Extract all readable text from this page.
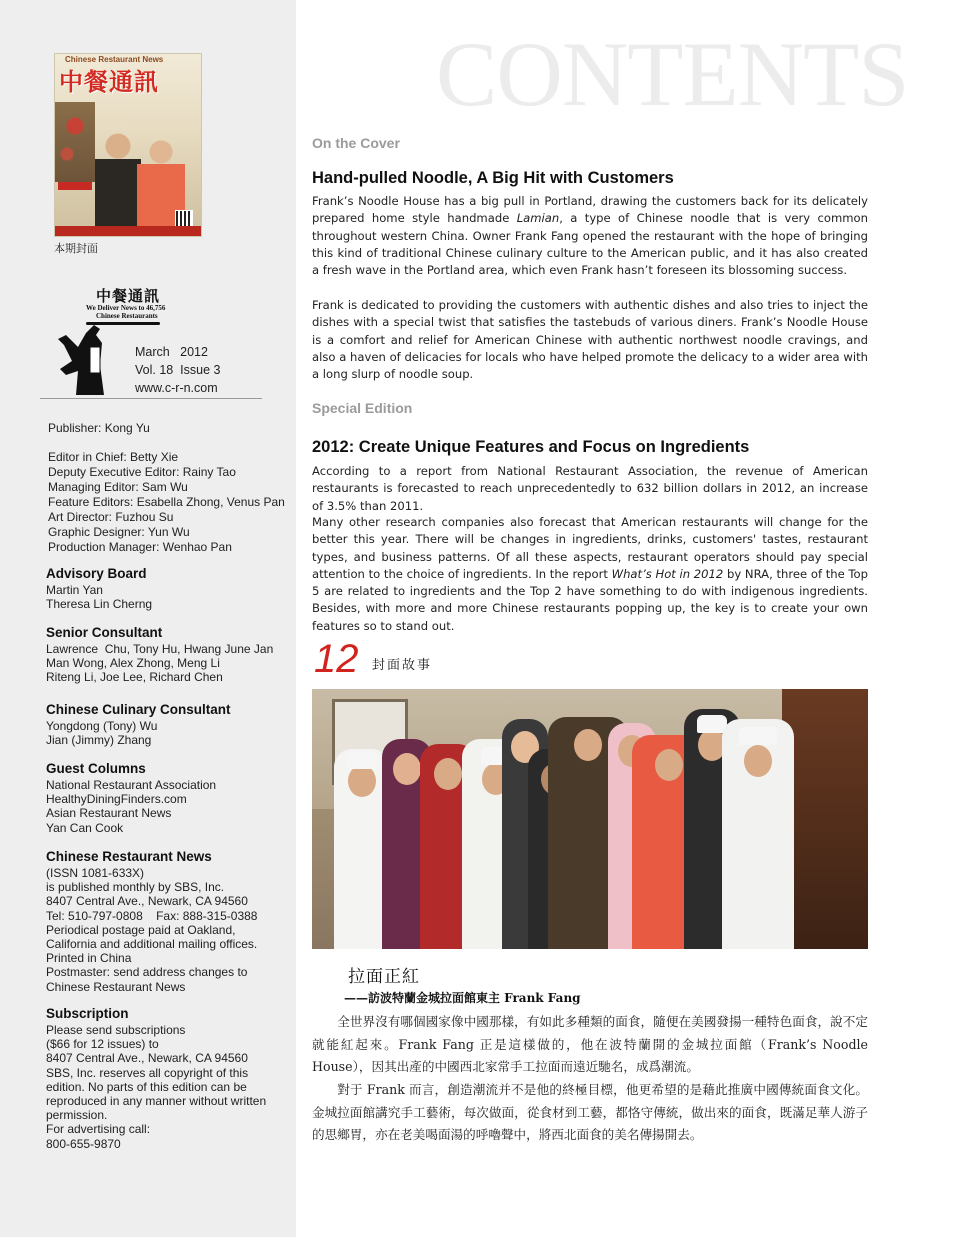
Chinese Restaurant News
中餐通訊
本期封面
中餐通訊
We Deliver News to 46,756
Chinese Restaurants
March   2012
Vol. 18  Issue 3
www.c-r-n.com
Publisher: Kong Yu
Editor in Chief: Betty Xie
Deputy Executive Editor: Rainy Tao
Managing Editor: Sam Wu
Feature Editors: Esabella Zhong, Venus Pan
Art Director: Fuzhou Su
Graphic Designer: Yun Wu
Production Manager: Wenhao Pan
Advisory Board
Martin Yan
Theresa Lin Cherng
Senior Consultant
Lawrence  Chu, Tony Hu, Hwang June Jan
Man Wong, Alex Zhong, Meng Li
Riteng Li, Joe Lee, Richard Chen
Chinese Culinary Consultant
Yongdong (Tony) Wu
Jian (Jimmy) Zhang
Guest Columns
National Restaurant Association
HealthyDiningFinders.com
Asian Restaurant News
Yan Can Cook
Chinese Restaurant News
(ISSN 1081-633X)
is published monthly by SBS, Inc.
8407 Central Ave., Newark, CA 94560
Tel: 510-797-0808    Fax: 888-315-0388
Periodical postage paid at Oakland,
California and additional mailing offices.
Printed in China
Postmaster: send address changes to
Chinese Restaurant News
Subscription
Please send subscriptions
($66 for 12 issues) to
8407 Central Ave., Newark, CA 94560
SBS, Inc. reserves all copyright of this
edition. No parts of this edition can be
reproduced in any manner without written
permission.
For advertising call:
800-655-9870
CONTENTS
On the Cover
Hand-pulled Noodle, A Big Hit with Customers
Frank’s Noodle House has a big pull in Portland, drawing the customers back for its delicately prepared home style handmade Lamian, a type of Chinese noodle that is very common throughout western China. Owner Frank Fang opened the restaurant with the hope of bringing this kind of traditional Chinese culinary culture to the American public, and it has also created a fresh wave in the Portland area, which even Frank hasn’t foreseen its blossoming success.
Frank is dedicated to providing the customers with authentic dishes and also tries to inject the dishes with a special twist that satisfies the tastebuds of various diners. Frank’s Noodle House is a comfort and relief for American Chinese with authentic northwest noodle cravings, and also a haven of delicacies for locals who have helped promote the delicacy to a wider area with a long slurp of noodle soup.
Special Edition
2012: Create Unique Features and Focus on Ingredients
According to a report from National Restaurant Association, the revenue of American restaurants is forecasted to reach unprecedentedly to 632 billion dollars in 2012, an increase of 3.5% than 2011.
Many other research companies also forecast that American restaurants will change for the better this year. There will be changes in ingredients, drinks, customers' tastes, restaurant types, and business patterns. Of all these aspects, restaurant operators should pay special attention to the choice of ingredients. In the report What’s Hot in 2012 by NRA, three of the Top 5 are related to ingredients and the Top 2 have something to do with indigenous ingredients. Besides, with more and more Chinese restaurants popping up, the key is to create your own features so to stand out.
12 封面故事
拉面正紅
——訪波特蘭金城拉面館東主 Frank Fang
全世界沒有哪個國家像中國那樣，有如此多種類的面食，隨便在美國發揚一種特色面食，說不定就能紅起來。Frank Fang 正是這樣做的，他在波特蘭開的金城拉面館（Frank’s Noodle House），因其出產的中國西北家常手工拉面而遠近馳名，成爲潮流。
對于 Frank 而言，創造潮流并不是他的終極目標，他更希望的是藉此推廣中國傳統面食文化。金城拉面館講究手工藝術，每次做面，從食材到工藝，都恪守傳統，做出來的面食，既滿足華人游子的思鄉胃，亦在老美喝面湯的呼嚕聲中，將西北面食的美名傳揚開去。
